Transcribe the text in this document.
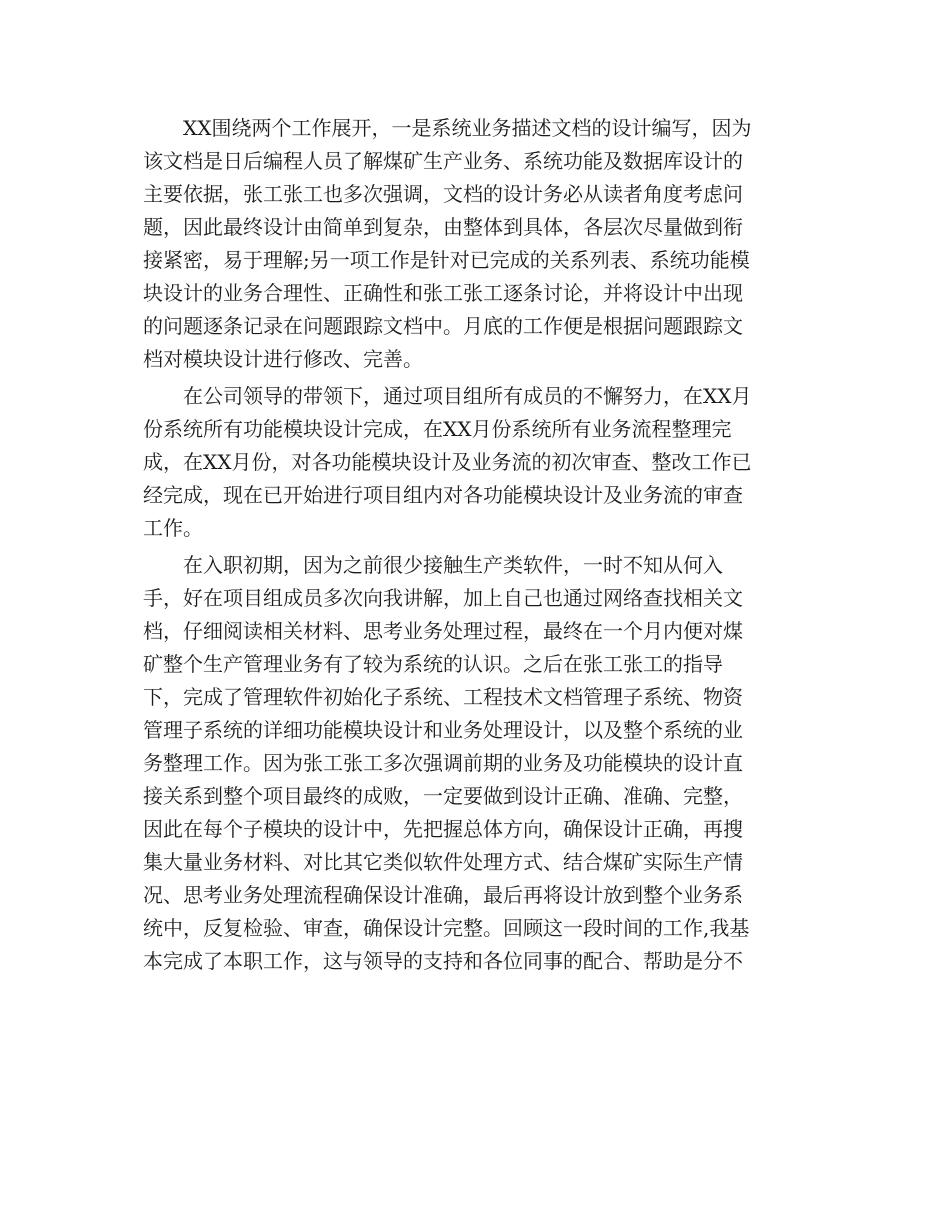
　　XX围绕两个工作展开，一是系统业务描述文档的设计编写，因为
该文档是日后编程人员了解煤矿生产业务、系统功能及数据库设计的
主要依据，张工张工也多次强调，文档的设计务必从读者角度考虑问
题，因此最终设计由简单到复杂，由整体到具体，各层次尽量做到衔
接紧密，易于理解;另一项工作是针对已完成的关系列表、系统功能模
块设计的业务合理性、正确性和张工张工逐条讨论，并将设计中出现
的问题逐条记录在问题跟踪文档中。月底的工作便是根据问题跟踪文
档对模块设计进行修改、完善。
　　在公司领导的带领下，通过项目组所有成员的不懈努力，在XX月
份系统所有功能模块设计完成，在XX月份系统所有业务流程整理完
成，在XX月份，对各功能模块设计及业务流的初次审查、整改工作已
经完成，现在已开始进行项目组内对各功能模块设计及业务流的审查
工作。
　　在入职初期，因为之前很少接触生产类软件，一时不知从何入
手，好在项目组成员多次向我讲解，加上自己也通过网络查找相关文
档，仔细阅读相关材料、思考业务处理过程，最终在一个月内便对煤
矿整个生产管理业务有了较为系统的认识。之后在张工张工的指导
下，完成了管理软件初始化子系统、工程技术文档管理子系统、物资
管理子系统的详细功能模块设计和业务处理设计，以及整个系统的业
务整理工作。因为张工张工多次强调前期的业务及功能模块的设计直
接关系到整个项目最终的成败，一定要做到设计正确、准确、完整，
因此在每个子模块的设计中，先把握总体方向，确保设计正确，再搜
集大量业务材料、对比其它类似软件处理方式、结合煤矿实际生产情
况、思考业务处理流程确保设计准确，最后再将设计放到整个业务系
统中，反复检验、审查，确保设计完整。回顾这一段时间的工作,我基
本完成了本职工作，这与领导的支持和各位同事的配合、帮助是分不
